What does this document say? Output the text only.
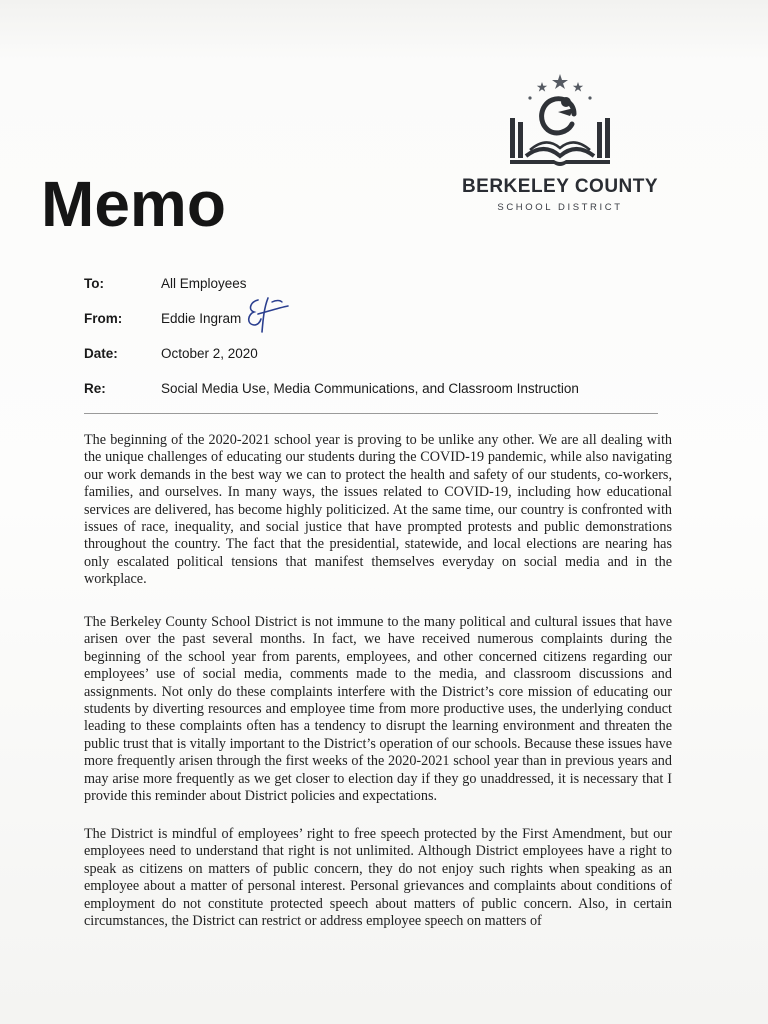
Memo	BERKELEY COUNTY
SCHOOL DISTRICT
To:	All Employees
From:	Eddie Ingram
Date:	October 2, 2020
Re:	Social Media Use, Media Communications, and Classroom Instruction
The beginning of the 2020-2021 school year is proving to be unlike any other. We are all dealing with the unique challenges of educating our students during the COVID-19 pandemic, while also navigating our work demands in the best way we can to protect the health and safety of our students, co-workers, families, and ourselves. In many ways, the issues related to COVID-19, including how educational services are delivered, has become highly politicized. At the same time, our country is confronted with issues of race, inequality, and social justice that have prompted protests and public demonstrations throughout the country. The fact that the presidential, statewide, and local elections are nearing has only escalated political tensions that manifest themselves everyday on social media and in the workplace.
The Berkeley County School District is not immune to the many political and cultural issues that have arisen over the past several months. In fact, we have received numerous complaints during the beginning of the school year from parents, employees, and other concerned citizens regarding our employees’ use of social media, comments made to the media, and classroom discussions and assignments. Not only do these complaints interfere with the District’s core mission of educating our students by diverting resources and employee time from more productive uses, the underlying conduct leading to these complaints often has a tendency to disrupt the learning environment and threaten the public trust that is vitally important to the District’s operation of our schools. Because these issues have more frequently arisen through the first weeks of the 2020-2021 school year than in previous years and may arise more frequently as we get closer to election day if they go unaddressed, it is necessary that I provide this reminder about District policies and expectations.
The District is mindful of employees’ right to free speech protected by the First Amendment, but our employees need to understand that right is not unlimited. Although District employees have a right to speak as citizens on matters of public concern, they do not enjoy such rights when speaking as an employee about a matter of personal interest. Personal grievances and complaints about conditions of employment do not constitute protected speech about matters of public concern. Also, in certain circumstances, the District can restrict or address employee speech on matters of
